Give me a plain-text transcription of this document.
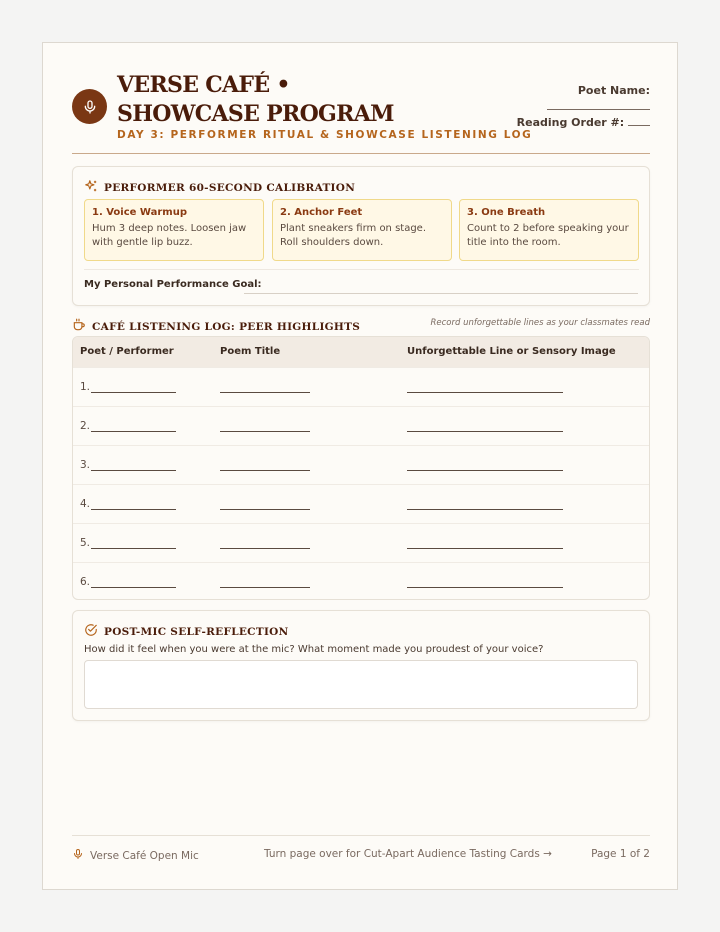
VERSE CAFÉ • SHOWCASE PROGRAM
DAY 3: PERFORMER RITUAL & SHOWCASE LISTENING LOG
Poet Name:
Reading Order #:
PERFORMER 60-SECOND CALIBRATION
1. Voice Warmup
Hum 3 deep notes. Loosen jaw with gentle lip buzz.
2. Anchor Feet
Plant sneakers firm on stage. Roll shoulders down.
3. One Breath
Count to 2 before speaking your title into the room.
My Personal Performance Goal:
CAFÉ LISTENING LOG: PEER HIGHLIGHTS	Record unforgettable lines as your classmates read
Poet / Performer	Poem Title	Unforgettable Line or Sensory Image
1.
2.
3.
4.
5.
6.
POST-MIC SELF-REFLECTION
How did it feel when you were at the mic? What moment made you proudest of your voice?
Verse Café Open Mic	Turn page over for Cut-Apart Audience Tasting Cards →	Page 1 of 2
